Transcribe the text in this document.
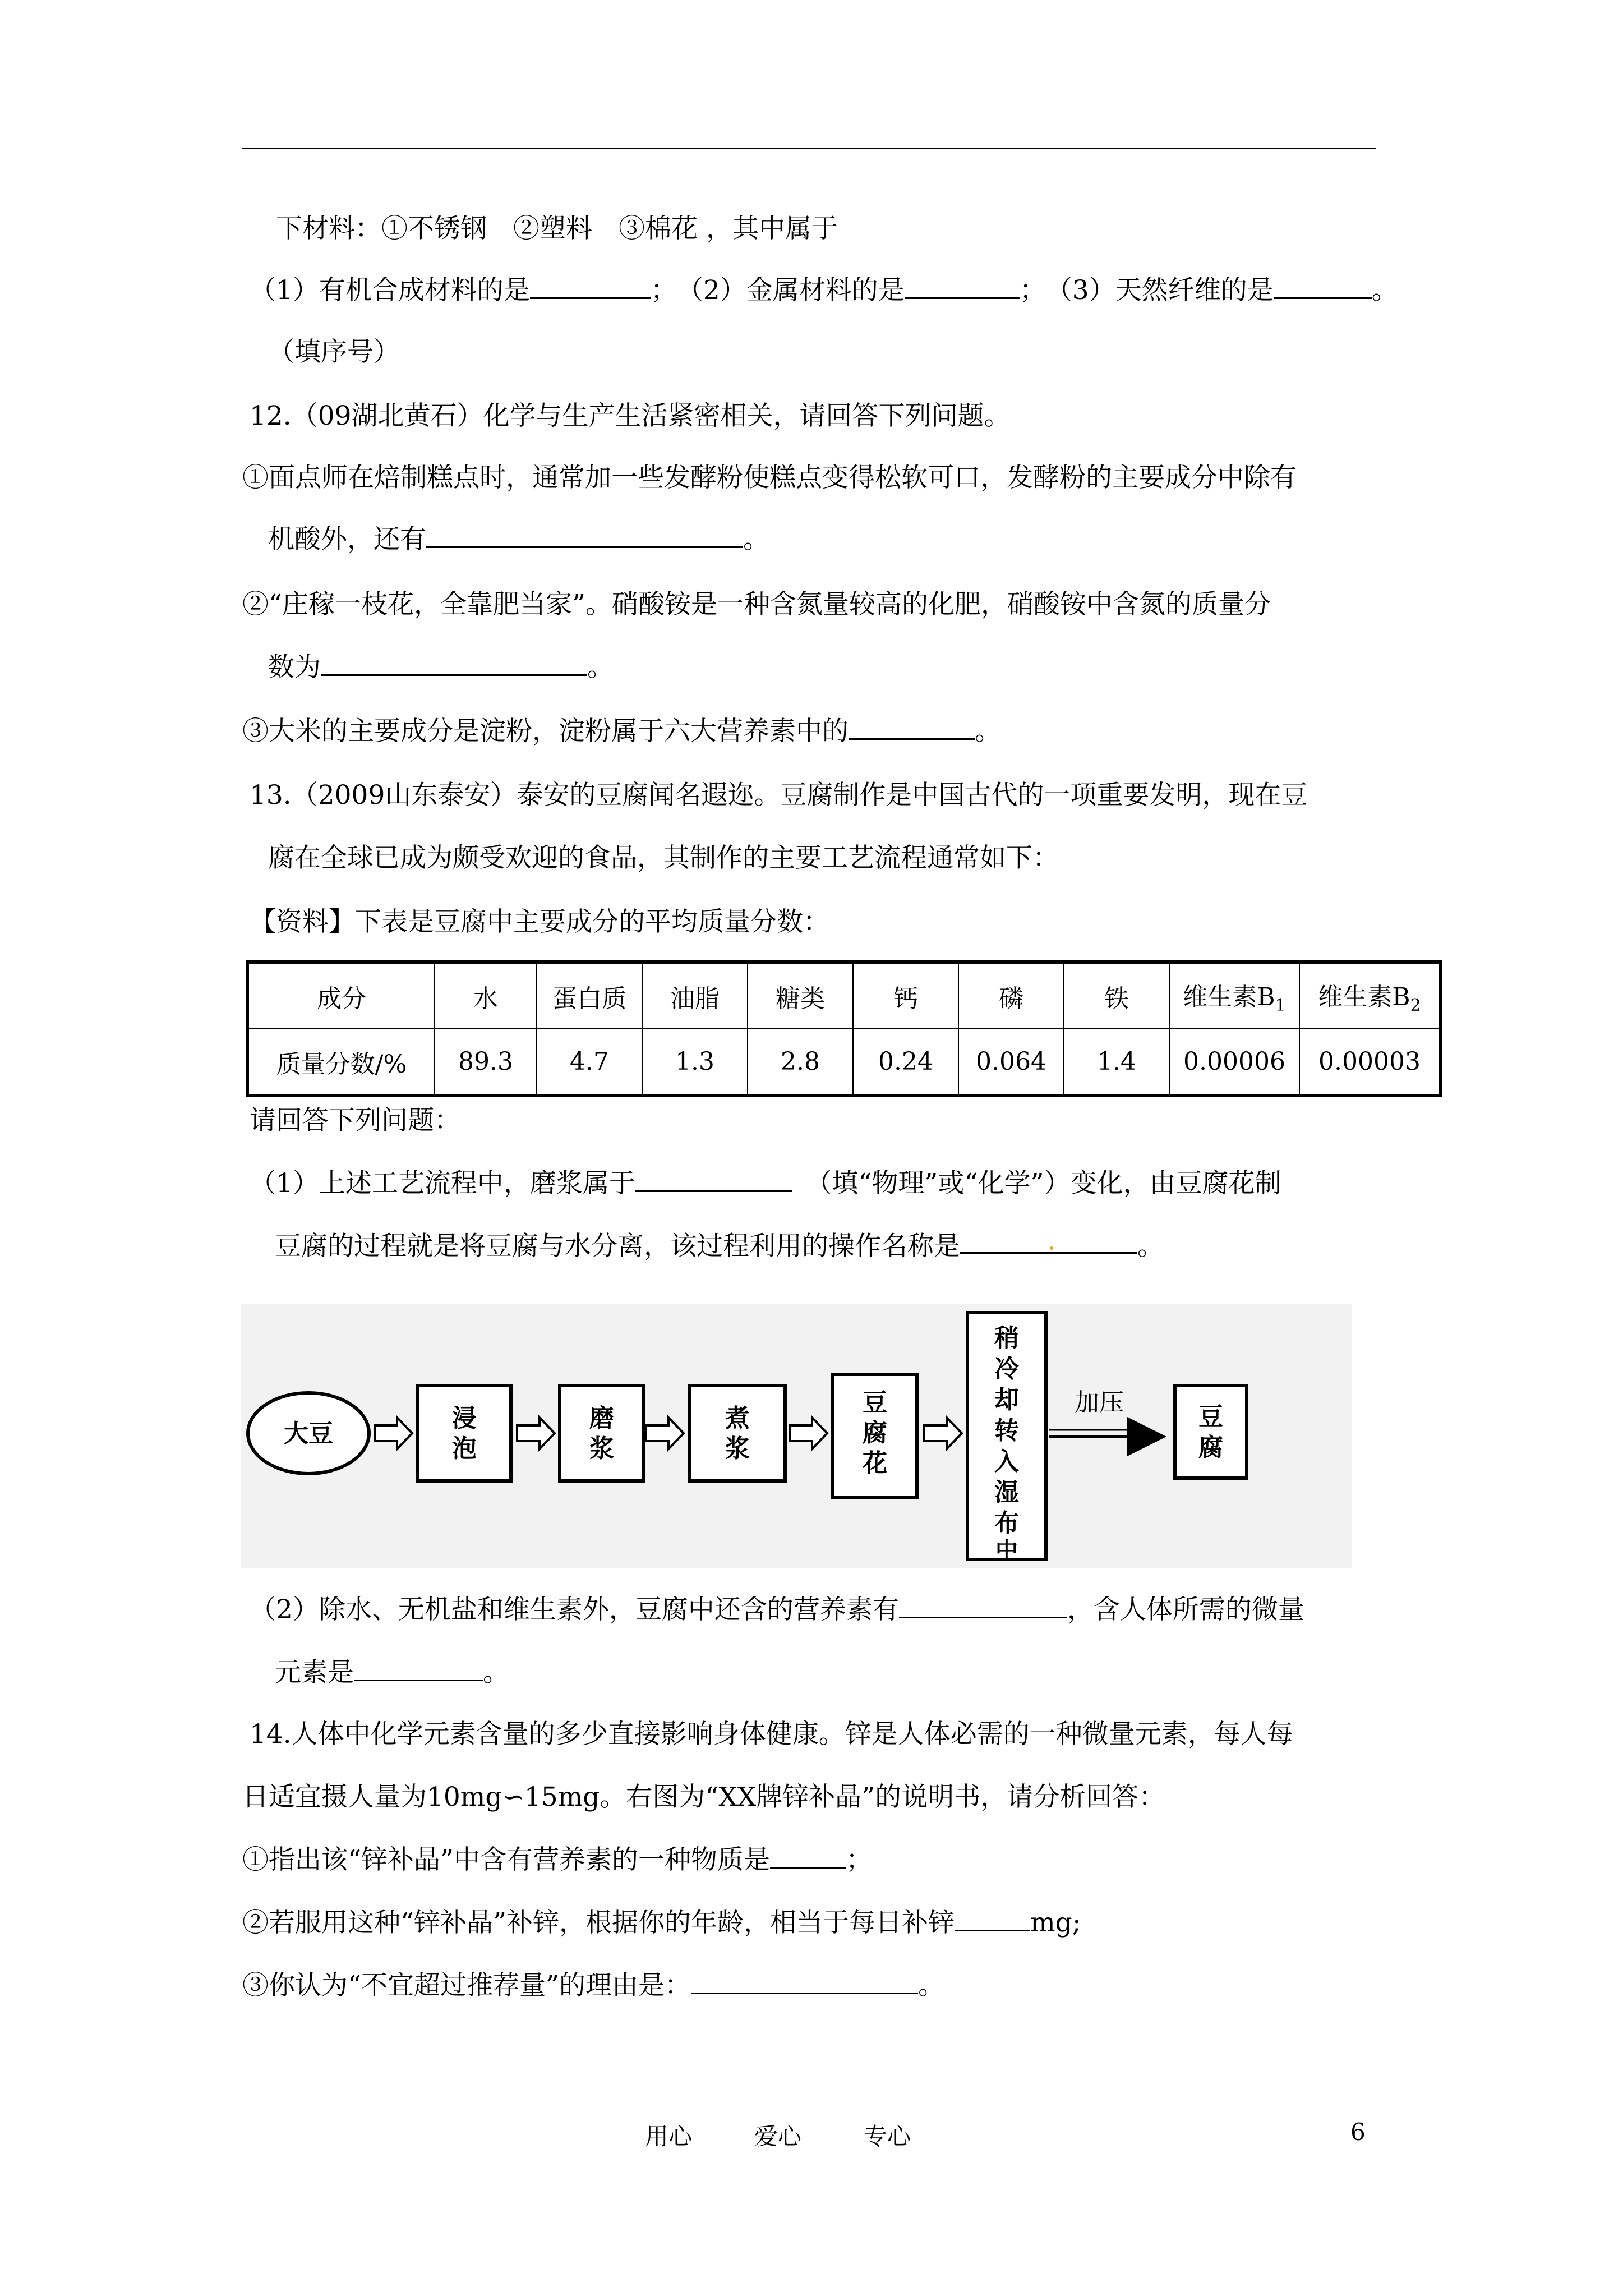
下材料：①不锈钢　②塑料　③棉花 ，其中属于
（1）有机合成材料的是	；　 （2）金属材料的是	；　 （3）天然纤维的是	。
（填序号）
12.（09湖北黄石）化学与生产生活紧密相关，请回答下列问题。
①面点师在焙制糕点时，通常加一些发酵粉使糕点变得松软可口，发酵粉的主要成分中除有
机酸外，还有	。
②“庄稼一枝花，全靠肥当家”。硝酸铵是一种含氮量较高的化肥，硝酸铵中含氮的质量分
数为	。
③大米的主要成分是淀粉，淀粉属于六大营养素中的	。
13.（2009山东泰安）泰安的豆腐闻名遐迩。豆腐制作是中国古代的一项重要发明，现在豆
腐在全球已成为颇受欢迎的食品，其制作的主要工艺流程通常如下：
【资料】下表是豆腐中主要成分的平均质量分数：
成分	水	蛋白质	油脂	糖类	钙	磷	铁	维生素$B_1$	维生素$B_2$
质量分数/%	89.3	4.7	1.3	2.8	0.24	0.064	1.4	0.00006	0.00003
请回答下列问题：
（1）上述工艺流程中，磨浆属于　	（填“物理”或“化学”）变化，由豆腐花制
豆腐的过程就是将豆腐与水分离，该过程利用的操作名称是	。
大豆
浸
泡
磨
浆
煮
浆
豆
腐
花
稍
冷
却
转
入
湿
布
中
加压	豆
腐
（2）除水、无机盐和维生素外，豆腐中还含的营养素有	，含人体所需的微量
元素是	。
14.人体中化学元素含量的多少直接影响身体健康。锌是人体必需的一种微量元素，每人每
日适宜摄人量为10mg∽15mg。右图为“XX牌锌补晶”的说明书，请分析回答：
①指出该“锌补晶”中含有营养素的一种物质是	；
②若服用这种“锌补晶”补锌，根据你的年龄，相当于每日补锌	mg;
③你认为“不宜超过推荐量”的理由是：	。
用心	爱心	专心	6
